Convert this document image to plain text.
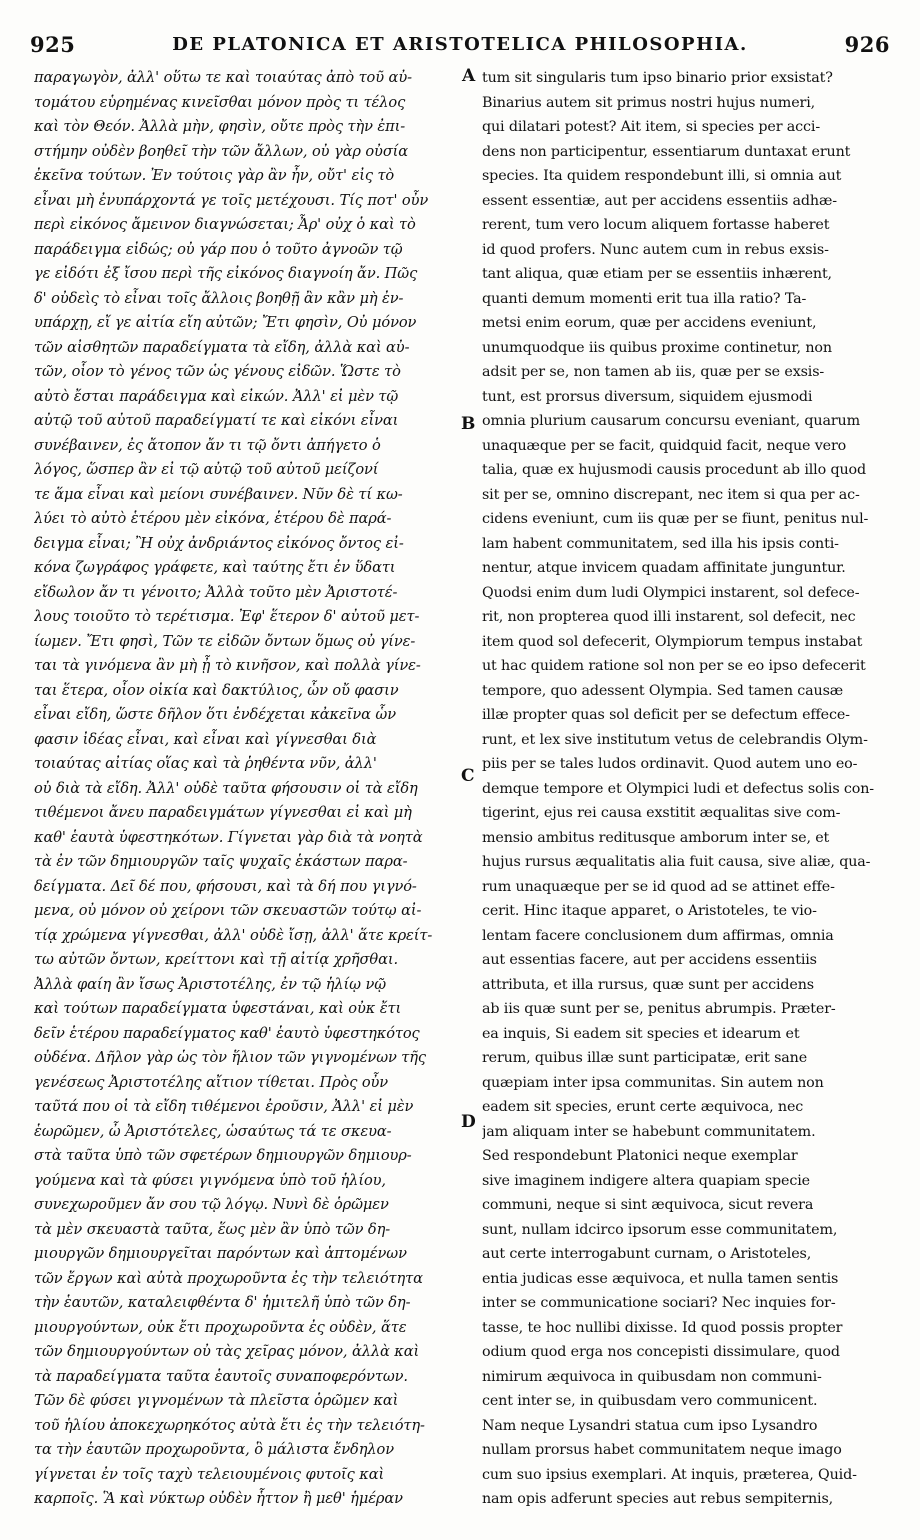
925	DE PLATONICA ET ARISTOTELICA PHILOSOPHIA.	926
παραγωγὸν, ἀλλ' οὕτω τε καὶ τοιαύτας ἀπὸ τοῦ αὐ-
τομάτου εὑρημένας κινεῖσθαι μόνον πρὸς τι τέλος
καὶ τὸν Θεόν. Ἀλλὰ μὴν, φησὶν, οὔτε πρὸς τὴν ἐπι-
στήμην οὐδὲν βοηθεῖ τὴν τῶν ἄλλων, οὐ γὰρ οὐσία
ἐκεῖνα τούτων. Ἐν τούτοις γὰρ ἂν ἦν, οὔτ' εἰς τὸ
εἶναι μὴ ἐνυπάρχοντά γε τοῖς μετέχουσι. Τίς ποτ' οὖν
περὶ εἰκόνος ἄμεινον διαγνώσεται; Ἆρ' οὐχ ὁ καὶ τὸ
παράδειγμα εἰδώς; οὐ γάρ που ὁ τοῦτο ἀγνοῶν τῷ
γε εἰδότι ἐξ ἴσου περὶ τῆς εἰκόνος διαγνοίη ἄν. Πῶς
δ' οὐδεὶς τὸ εἶναι τοῖς ἄλλοις βοηθῇ ἂν κἂν μὴ ἐν-
υπάρχῃ, εἴ γε αἰτία εἴη αὐτῶν; Ἔτι φησὶν, Οὐ μόνον
τῶν αἰσθητῶν παραδείγματα τὰ εἴδη, ἀλλὰ καὶ αὐ-
τῶν, οἷον τὸ γένος τῶν ὡς γένους εἰδῶν. Ὥστε τὸ
αὐτὸ ἔσται παράδειγμα καὶ εἰκών. Ἀλλ' εἰ μὲν τῷ
αὐτῷ τοῦ αὐτοῦ παραδείγματί τε καὶ εἰκόνι εἶναι
συνέβαινεν, ἐς ἄτοπον ἄν τι τῷ ὄντι ἀπήγετο ὁ
λόγος, ὥσπερ ἂν εἰ τῷ αὐτῷ τοῦ αὐτοῦ μείζονί
τε ἅμα εἶναι καὶ μείονι συνέβαινεν. Νῦν δὲ τί κω-
λύει τὸ αὐτὸ ἑτέρου μὲν εἰκόνα, ἑτέρου δὲ παρά-
δειγμα εἶναι; Ἢ οὐχ ἀνδριάντος εἰκόνος ὄντος εἰ-
κόνα ζωγράφος γράφετε, καὶ ταύτης ἔτι ἐν ὕδατι
εἴδωλον ἄν τι γένοιτο; Ἀλλὰ τοῦτο μὲν Ἀριστοτέ-
λους τοιοῦτο τὸ τερέτισμα. Ἐφ' ἕτερον δ' αὐτοῦ μετ-
ίωμεν. Ἔτι φησὶ, Τῶν τε εἰδῶν ὄντων ὅμως οὐ γίνε-
ται τὰ γινόμενα ἂν μὴ ᾖ τὸ κινῆσον, καὶ πολλὰ γίνε-
ται ἕτερα, οἷον οἰκία καὶ δακτύλιος, ὧν οὔ φασιν
εἶναι εἴδη, ὥστε δῆλον ὅτι ἐνδέχεται κἀκεῖνα ὧν
φασιν ἰδέας εἶναι, καὶ εἶναι καὶ γίγνεσθαι διὰ
τοιαύτας αἰτίας οἵας καὶ τὰ ῥηθέντα νῦν, ἀλλ'
οὐ διὰ τὰ εἴδη. Ἀλλ' οὐδὲ ταῦτα φήσουσιν οἱ τὰ εἴδη
τιθέμενοι ἄνευ παραδειγμάτων γίγνεσθαι εἰ καὶ μὴ
καθ' ἑαυτὰ ὑφεστηκότων. Γίγνεται γὰρ διὰ τὰ νοητὰ
τὰ ἐν τῶν δημιουργῶν ταῖς ψυχαῖς ἑκάστων παρα-
δείγματα. Δεῖ δέ που, φήσουσι, καὶ τὰ δή που γιγνό-
μενα, οὐ μόνον οὐ χείρονι τῶν σκευαστῶν τούτῳ αἰ-
τίᾳ χρώμενα γίγνεσθαι, ἀλλ' οὐδὲ ἴσῃ, ἀλλ' ἅτε κρείτ-
τω αὐτῶν ὄντων, κρείττονι καὶ τῇ αἰτίᾳ χρῆσθαι.
Ἀλλὰ φαίη ἂν ἴσως Ἀριστοτέλης, ἐν τῷ ἡλίῳ νῷ
καὶ τούτων παραδείγματα ὑφεστάναι, καὶ οὐκ ἔτι
δεῖν ἑτέρου παραδείγματος καθ' ἑαυτὸ ὑφεστηκότος
οὐδένα. Δῆλον γὰρ ὡς τὸν ἥλιον τῶν γιγνομένων τῆς
γενέσεως Ἀριστοτέλης αἴτιον τίθεται. Πρὸς οὖν
ταῦτά που οἱ τὰ εἴδη τιθέμενοι ἐροῦσιν, Ἀλλ' εἰ μὲν
ἑωρῶμεν, ὦ Ἀριστότελες, ὡσαύτως τά τε σκευα-
στὰ ταῦτα ὑπὸ τῶν σφετέρων δημιουργῶν δημιουρ-
γούμενα καὶ τὰ φύσει γιγνόμενα ὑπὸ τοῦ ἡλίου,
συνεχωροῦμεν ἄν σου τῷ λόγῳ. Νυνὶ δὲ ὁρῶμεν
τὰ μὲν σκευαστὰ ταῦτα, ἕως μὲν ἂν ὑπὸ τῶν δη-
μιουργῶν δημιουργεῖται παρόντων καὶ ἁπτομένων
τῶν ἔργων καὶ αὐτὰ προχωροῦντα ἐς τὴν τελειότητα
τὴν ἑαυτῶν, καταλειφθέντα δ' ἡμιτελῆ ὑπὸ τῶν δη-
μιουργούντων, οὐκ ἔτι προχωροῦντα ἐς οὐδὲν, ἅτε
τῶν δημιουργούντων οὐ τὰς χεῖρας μόνον, ἀλλὰ καὶ
τὰ παραδείγματα ταῦτα ἑαυτοῖς συναποφερόντων.
Τῶν δὲ φύσει γιγνομένων τὰ πλεῖστα ὁρῶμεν καὶ
τοῦ ἡλίου ἀποκεχωρηκότος αὐτὰ ἔτι ἐς τὴν τελειότη-
τα τὴν ἑαυτῶν προχωροῦντα, ὃ μάλιστα ἔνδηλον
γίγνεται ἐν τοῖς ταχὺ τελειουμένοις φυτοῖς καὶ
καρποῖς. Ἃ καὶ νύκτωρ οὐδὲν ἧττον ἢ μεθ' ἡμέραν
tum sit singularis tum ipso binario prior exsistat?
Binarius autem sit primus nostri hujus numeri,
qui dilatari potest? Ait item, si species per acci-
dens non participentur, essentiarum duntaxat erunt
species. Ita quidem respondebunt illi, si omnia aut
essent essentiæ, aut per accidens essentiis adhæ-
rerent, tum vero locum aliquem fortasse haberet
id quod profers. Nunc autem cum in rebus exsis-
tant aliqua, quæ etiam per se essentiis inhærent,
quanti demum momenti erit tua illa ratio? Ta-
metsi enim eorum, quæ per accidens eveniunt,
unumquodque iis quibus proxime continetur, non
adsit per se, non tamen ab iis, quæ per se exsis-
tunt, est prorsus diversum, siquidem ejusmodi
omnia plurium causarum concursu eveniant, quarum
unaquæque per se facit, quidquid facit, neque vero
talia, quæ ex hujusmodi causis procedunt ab illo quod
sit per se, omnino discrepant, nec item si qua per ac-
cidens eveniunt, cum iis quæ per se fiunt, penitus nul-
lam habent communitatem, sed illa his ipsis conti-
nentur, atque invicem quadam affinitate junguntur.
Quodsi enim dum ludi Olympici instarent, sol defece-
rit, non propterea quod illi instarent, sol defecit, nec
item quod sol defecerit, Olympiorum tempus instabat
ut hac quidem ratione sol non per se eo ipso defecerit
tempore, quo adessent Olympia. Sed tamen causæ
illæ propter quas sol deficit per se defectum effece-
runt, et lex sive institutum vetus de celebrandis Olym-
piis per se tales ludos ordinavit. Quod autem uno eo-
demque tempore et Olympici ludi et defectus solis con-
tigerint, ejus rei causa exstitit æqualitas sive com-
mensio ambitus reditusque amborum inter se, et
hujus rursus æqualitatis alia fuit causa, sive aliæ, qua-
rum unaquæque per se id quod ad se attinet effe-
cerit. Hinc itaque apparet, o Aristoteles, te vio-
lentam facere conclusionem dum affirmas, omnia
aut essentias facere, aut per accidens essentiis
attributa, et illa rursus, quæ sunt per accidens
ab iis quæ sunt per se, penitus abrumpis. Præter-
ea inquis, Si eadem sit species et idearum et
rerum, quibus illæ sunt participatæ, erit sane
quæpiam inter ipsa communitas. Sin autem non
eadem sit species, erunt certe æquivoca, nec
jam aliquam inter se habebunt communitatem.
Sed respondebunt Platonici neque exemplar
sive imaginem indigere altera quapiam specie
communi, neque si sint æquivoca, sicut revera
sunt, nullam idcirco ipsorum esse communitatem,
aut certe interrogabunt curnam, o Aristoteles,
entia judicas esse æquivoca, et nulla tamen sentis
inter se communicatione sociari? Nec inquies for-
tasse, te hoc nullibi dixisse. Id quod possis propter
odium quod erga nos concepisti dissimulare, quod
nimirum æquivoca in quibusdam non communi-
cent inter se, in quibusdam vero communicent.
Nam neque Lysandri statua cum ipso Lysandro
nullam prorsus habet communitatem neque imago
cum suo ipsius exemplari. At inquis, præterea, Quid-
nam opis adferunt species aut rebus sempiternis,
A
B
C
D
